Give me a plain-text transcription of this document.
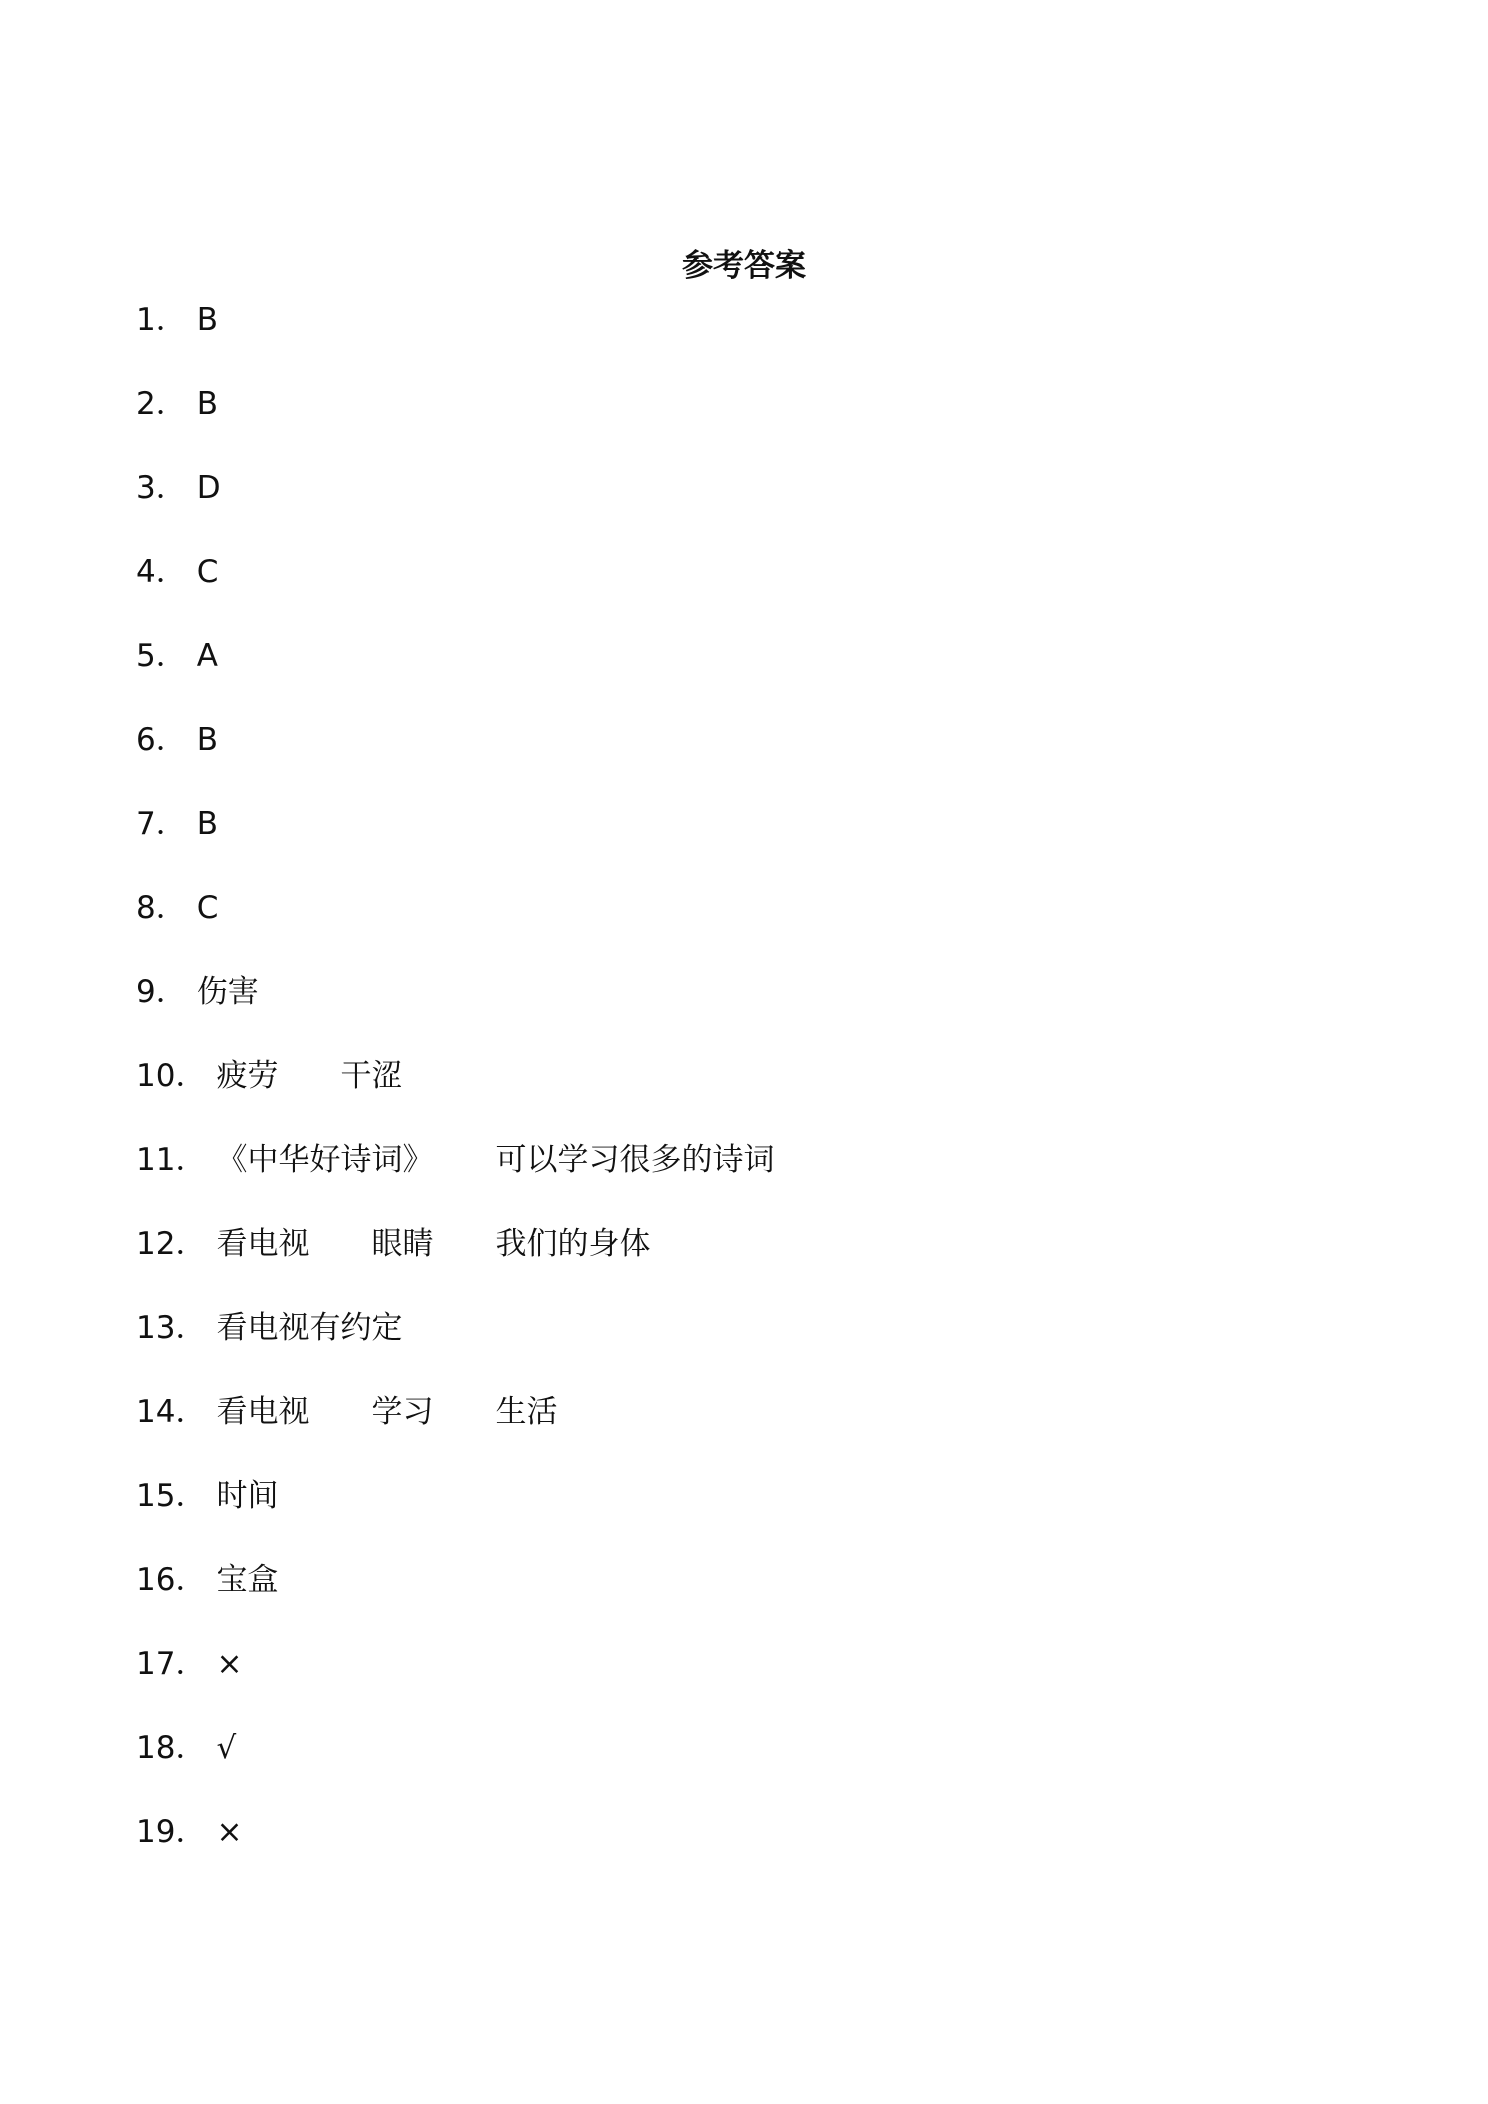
参考答案
1． B
2． B
3． D
4． C
5． A
6． B
7． B
8． C
9． 伤害
10． 疲劳 干涩
11． 《中华好诗词》 可以学习很多的诗词
12． 看电视 眼睛 我们的身体
13． 看电视有约定
14． 看电视 学习 生活
15． 时间
16． 宝盒
17． ×
18． √
19． ×
